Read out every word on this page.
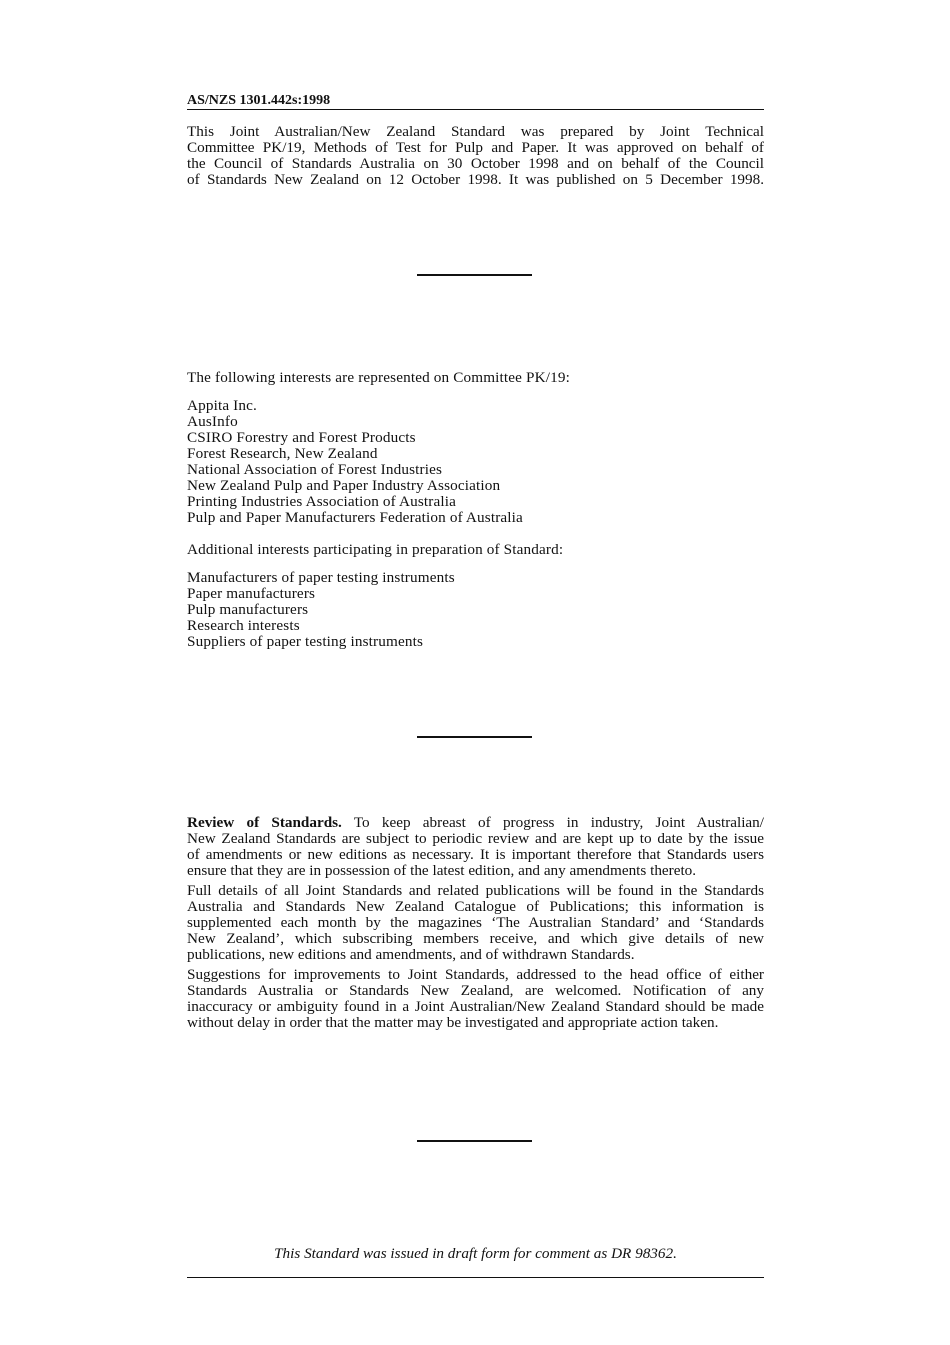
AS/NZS 1301.442s:1998
This Joint Australian/New Zealand Standard was prepared by Joint Technical
Committee PK/19, Methods of Test for Pulp and Paper. It was approved on behalf of
the Council of Standards Australia on 30 October 1998 and on behalf of the Council
of Standards New Zealand on 12 October 1998. It was published on 5 December 1998.
The following interests are represented on Committee PK/19:
Appita Inc.
AusInfo
CSIRO Forestry and Forest Products
Forest Research, New Zealand
National Association of Forest Industries
New Zealand Pulp and Paper Industry Association
Printing Industries Association of Australia
Pulp and Paper Manufacturers Federation of Australia
Additional interests participating in preparation of Standard:
Manufacturers of paper testing instruments
Paper manufacturers
Pulp manufacturers
Research interests
Suppliers of paper testing instruments

Review of Standards. To keep abreast of progress in industry, Joint Australian/
New Zealand Standards are subject to periodic review and are kept up to date by the issue
of amendments or new editions as necessary. It is important therefore that Standards users
ensure that they are in possession of the latest edition, and any amendments thereto.

Full details of all Joint Standards and related publications will be found in the Standards
Australia and Standards New Zealand Catalogue of Publications; this information is
supplemented each month by the magazines ‘The Australian Standard’ and ‘Standards
New Zealand’, which subscribing members receive, and which give details of new
publications, new editions and amendments, and of withdrawn Standards.

Suggestions for improvements to Joint Standards, addressed to the head office of either
Standards Australia or Standards New Zealand, are welcomed. Notification of any
inaccuracy or ambiguity found in a Joint Australian/New Zealand Standard should be made
without delay in order that the matter may be investigated and appropriate action taken.

This Standard was issued in draft form for comment as DR 98362.
